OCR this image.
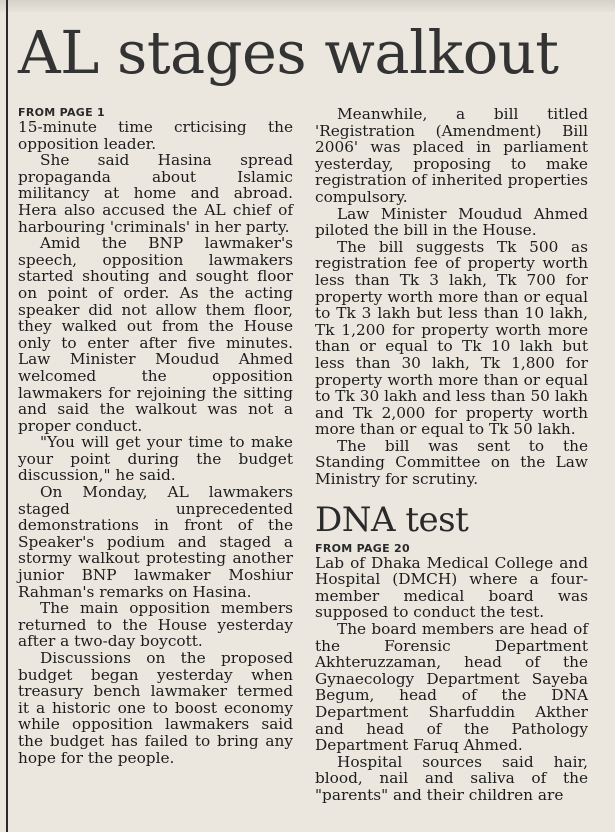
AL stages walkout
FROM PAGE 1

15-minute time crticising the opposition leader.

She said Hasina spread propaganda about Islamic militancy at home and abroad. Hera also accused the AL chief of harbouring 'criminals' in her party.

Amid the BNP lawmaker's speech, opposition lawmakers started shouting and sought floor on point of order. As the acting speaker did not allow them floor, they walked out from the House only to enter after five minutes. Law Minister Moudud Ahmed welcomed the opposition lawmakers for rejoining the sitting and said the walkout was not a proper conduct.

"You will get your time to make your point during the budget discussion," he said.

On Monday, AL lawmakers staged unprecedented demonstrations in front of the Speaker's podium and staged a stormy walkout protesting another junior BNP lawmaker Moshiur Rahman's remarks on Hasina.

The main opposition members returned to the House yesterday after a two-day boycott.

Discussions on the proposed budget began yesterday when treasury bench lawmaker termed it a historic one to boost economy while opposition lawmakers said the budget has failed to bring any hope for the people.

Meanwhile, a bill titled 'Registration (Amendment) Bill 2006' was placed in parliament yesterday, proposing to make registration of inherited properties compulsory.

Law Minister Moudud Ahmed piloted the bill in the House.

The bill suggests Tk 500 as registration fee of property worth less than Tk 3 lakh, Tk 700 for property worth more than or equal to Tk 3 lakh but less than 10 lakh, Tk 1,200 for property worth more than or equal to Tk 10 lakh but less than 30 lakh, Tk 1,800 for property worth more than or equal to Tk 30 lakh and less than 50 lakh and Tk 2,000 for property worth more than or equal to Tk 50 lakh.

The bill was sent to the Standing Committee on the Law Ministry for scrutiny.

DNA test
FROM PAGE 20

Lab of Dhaka Medical College and Hospital (DMCH) where a four-member medical board was supposed to conduct the test.

The board members are head of the Forensic Department Akhteruzzaman, head of the Gynaecology Department Sayeba Begum, head of the DNA Department Sharfuddin Akther and head of the Pathology Department Faruq Ahmed.

Hospital sources said hair, blood, nail and saliva of the "parents" and their children are
